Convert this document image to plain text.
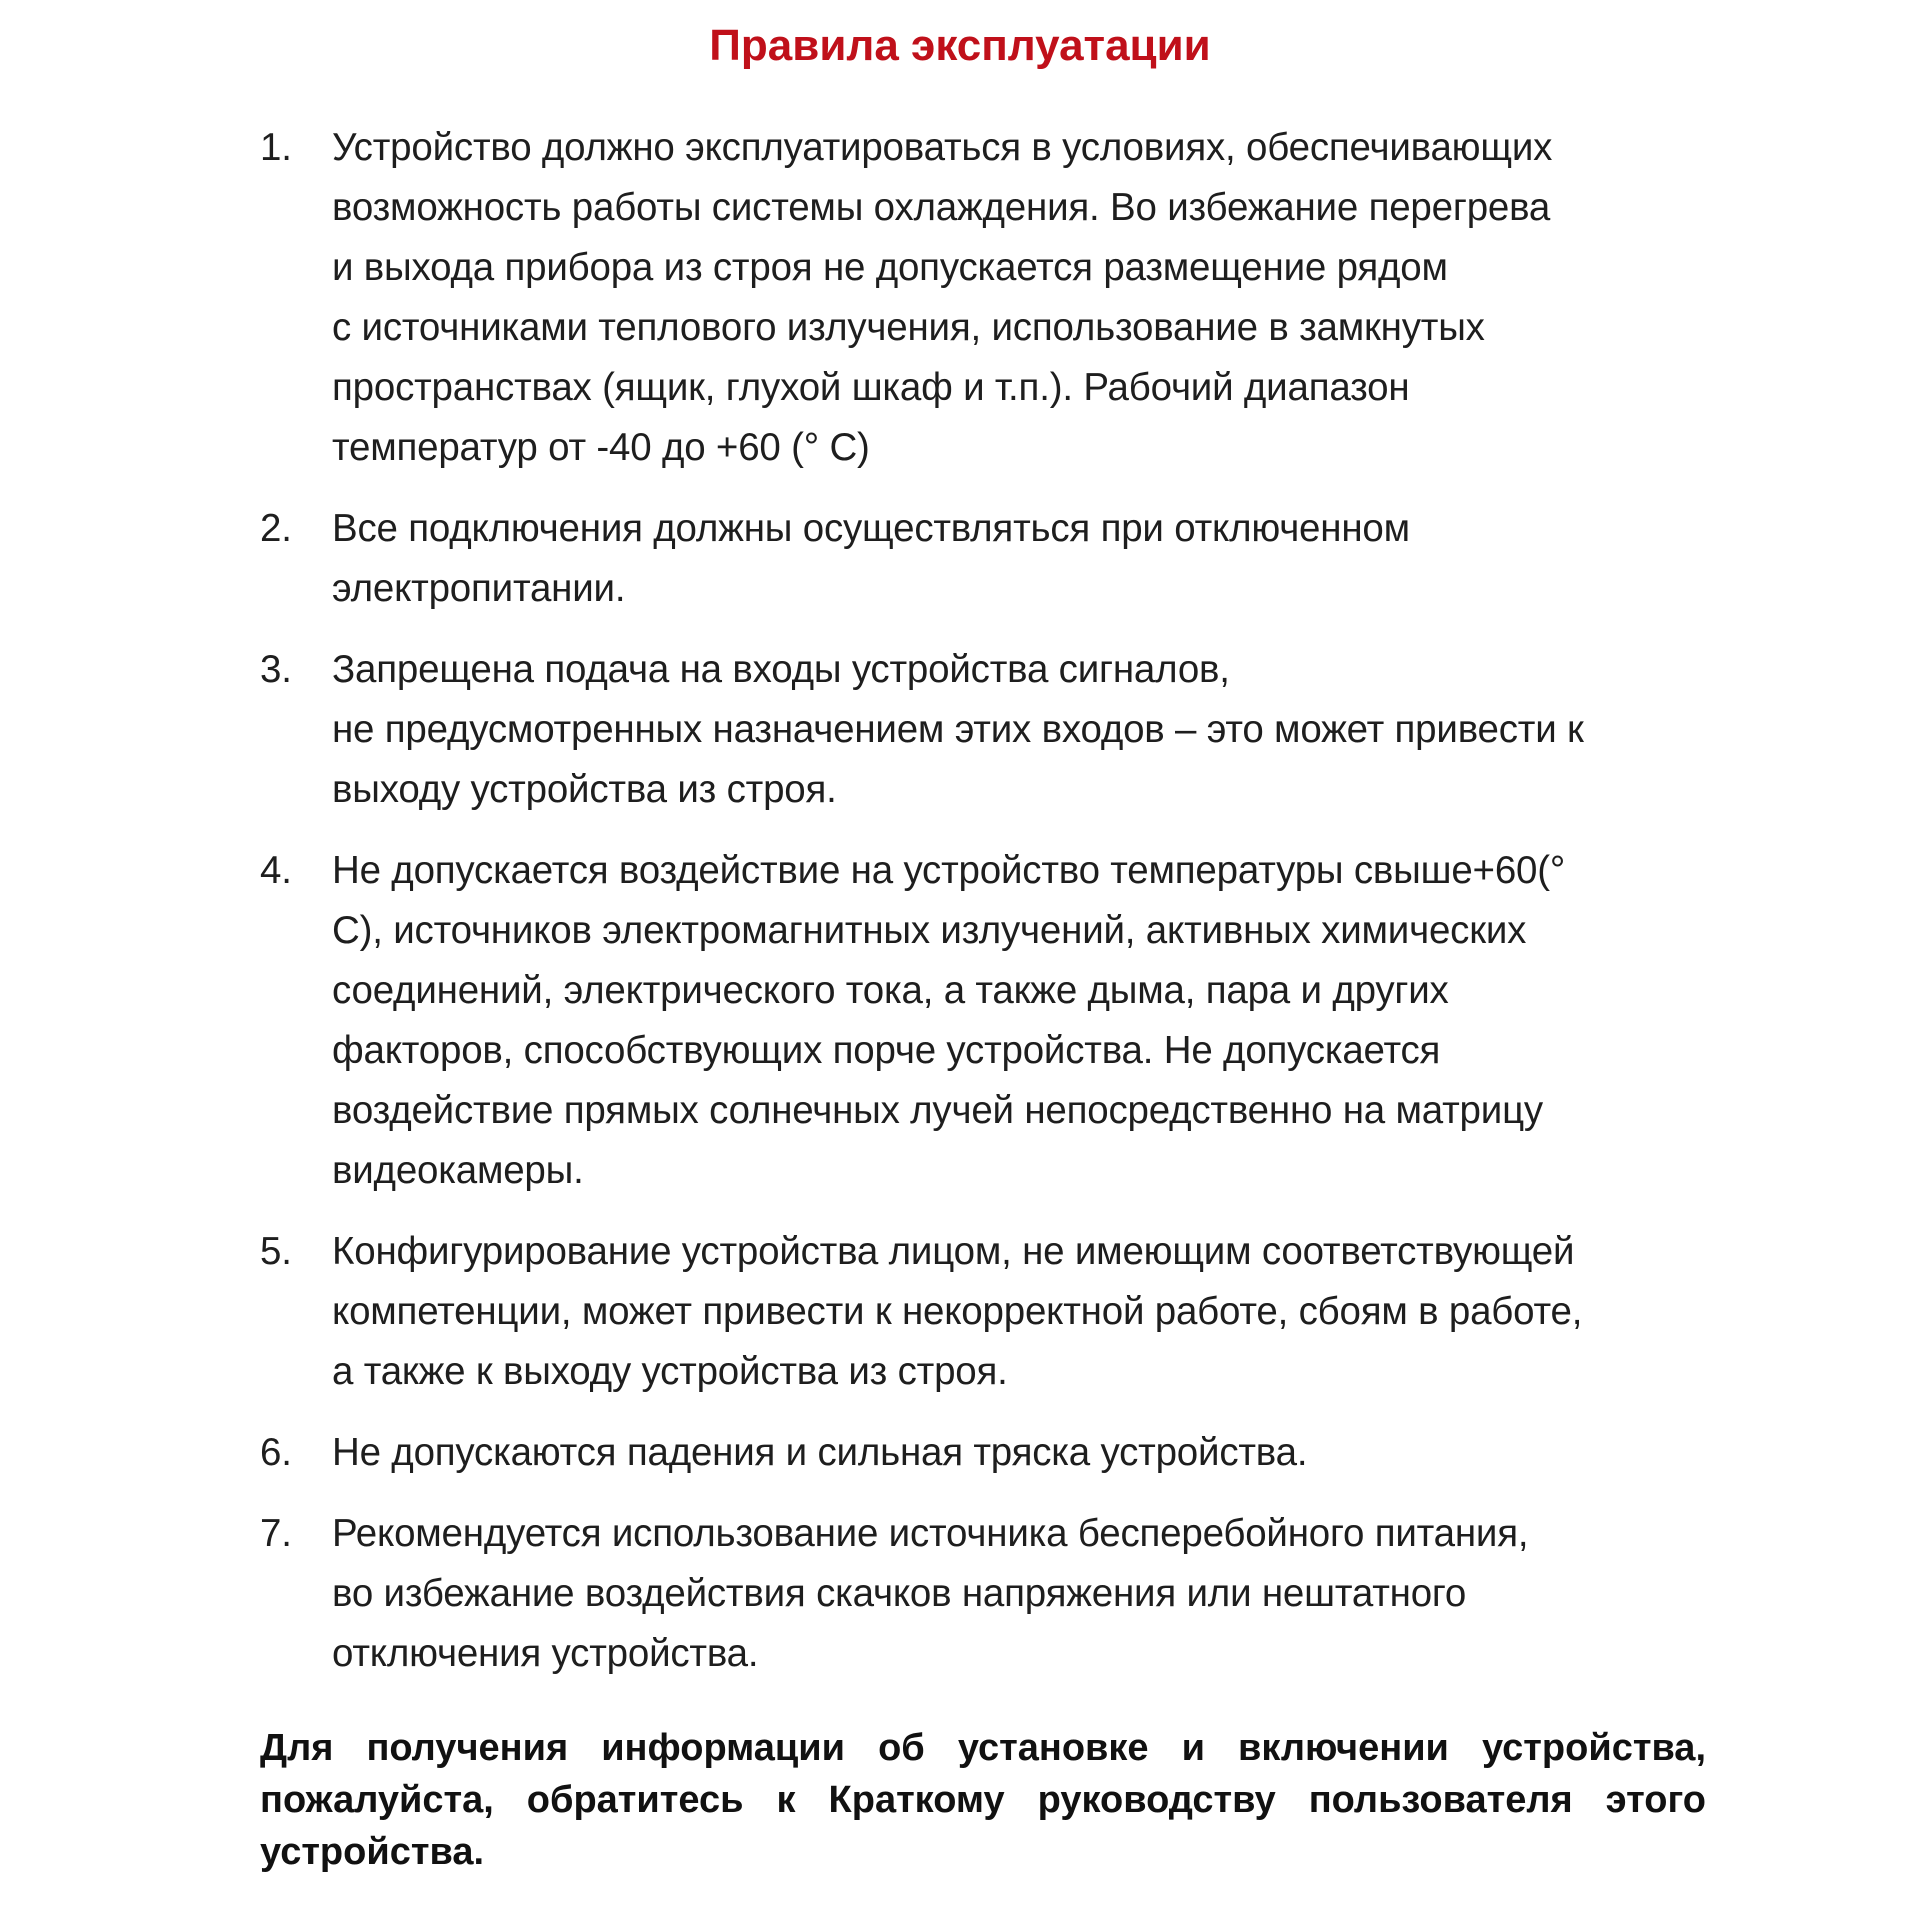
Правила эксплуатации
1.	Устройство должно эксплуатироваться в условиях, обеспечивающих
возможность работы системы охлаждения. Во избежание перегрева
и выхода прибора из строя не допускается размещение рядом
с источниками теплового излучения, использование в замкнутых
пространствах (ящик, глухой шкаф и т.п.). Рабочий диапазон
температур от -40 до +60 (° С)
2.	Все подключения должны осуществляться при отключенном
электропитании.
3.	Запрещена подача на входы устройства сигналов,
не предусмотренных назначением этих входов – это может привести к
выходу устройства из строя.
4.	Не допускается воздействие на устройство температуры свыше+60(°
С), источников электромагнитных излучений, активных химических
соединений, электрического тока, а также дыма, пара и других
факторов, способствующих порче устройства. Не допускается
воздействие прямых солнечных лучей непосредственно на матрицу
видеокамеры.
5.	Конфигурирование устройства лицом, не имеющим соответствующей
компетенции, может привести к некорректной работе, сбоям в работе,
а также к выходу устройства из строя.
6.	Не допускаются падения и сильная тряска устройства.
7.	Рекомендуется использование источника бесперебойного питания,
во избежание воздействия скачков напряжения или нештатного
отключения устройства.

Для получения информации об установке и включении устройства, пожалуйста, обратитесь к Краткому руководству пользователя этого устройства.
